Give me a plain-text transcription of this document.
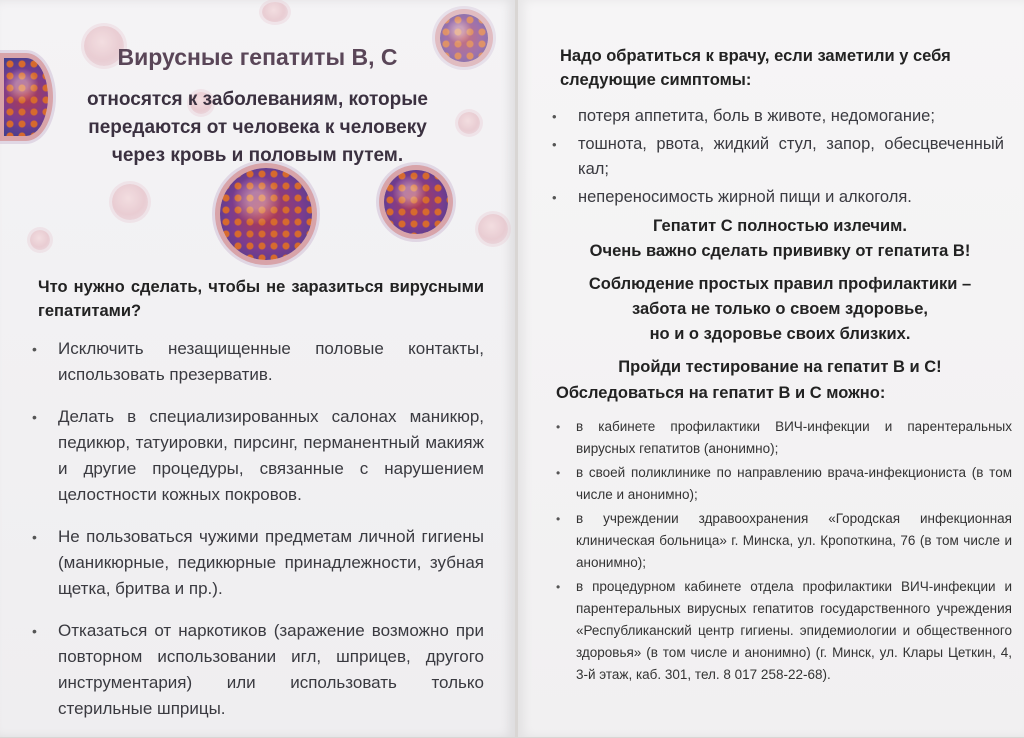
Вирусные гепатиты В, С
относятся к заболеваниям, которые
передаются от человека к человеку
через кровь и половым путем.
Что нужно сделать, чтобы не заразиться вирусными гепатитами?
• Исключить незащищенные половые контакты, использовать презерватив.
• Делать в специализированных салонах маникюр, педикюр, татуировки, пирсинг, перманентный макияж и другие процедуры, связанные с нарушением целостности кожных покровов.
• Не пользоваться чужими предметам личной гигиены (маникюрные, педикюрные принадлежности, зубная щетка, бритва и пр.).
• Отказаться от наркотиков (заражение возможно при повторном использовании игл, шприцев, другого инструментария) или использовать только стерильные шприцы.
Надо обратиться к врачу, если заметили у себя следующие симптомы:
• потеря аппетита, боль в животе, недомогание;
• тошнота, рвота, жидкий стул, запор, обесцвеченный кал;
• непереносимость жирной пищи и алкоголя.
Гепатит С полностью излечим.
Очень важно сделать прививку от гепатита В!
Соблюдение простых правил профилактики –
забота не только о своем здоровье,
но и о здоровье своих близких.
Пройди тестирование на гепатит В и С!
Обследоваться на гепатит В и С можно:
• в кабинете профилактики ВИЧ-инфекции и парентеральных вирусных гепатитов (анонимно);
• в своей поликлинике по направлению врача-инфекциониста (в том числе и анонимно);
• в учреждении здравоохранения «Городская инфекционная клиническая больница» г. Минска, ул. Кропоткина, 76 (в том числе и анонимно);
• в процедурном кабинете отдела профилактики ВИЧ-инфекции и парентеральных вирусных гепатитов государственного учреждения «Республиканский центр гигиены. эпидемиологии и общественного здоровья» (в том числе и анонимно) (г. Минск, ул. Клары Цеткин, 4, 3-й этаж, каб. 301, тел. 8 017 258-22-68).
